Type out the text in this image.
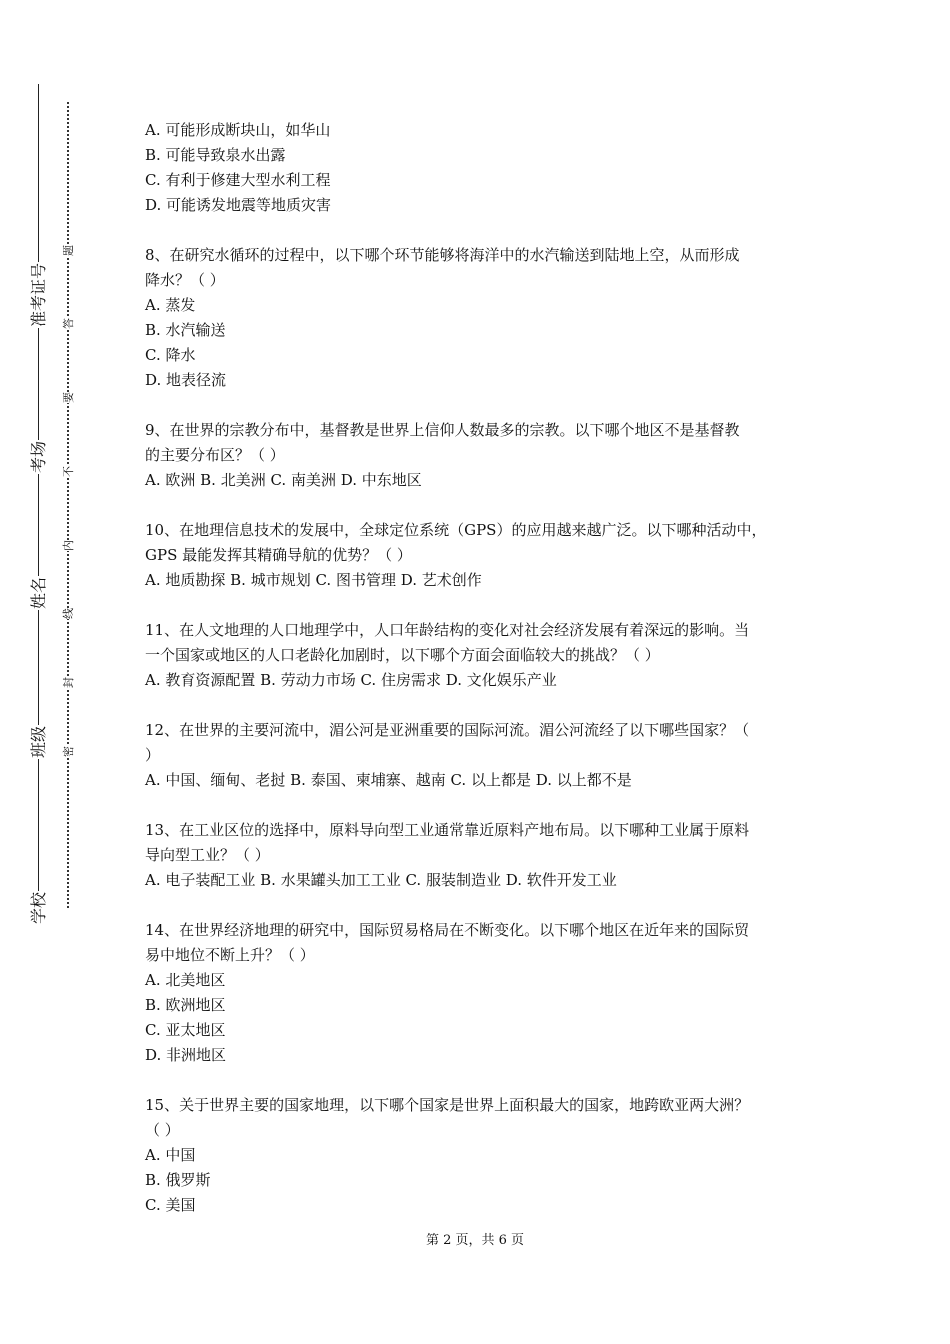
准考证号
考场
姓名
班级
学校
题
答
要
不
内
线
封
密
A. 可能形成断块山，如华山
B. 可能导致泉水出露
C. 有利于修建大型水利工程
D. 可能诱发地震等地质灾害
8、在研究水循环的过程中，以下哪个环节能够将海洋中的水汽输送到陆地上空，从而形成
降水？（ ）
A. 蒸发
B. 水汽输送
C. 降水
D. 地表径流
9、在世界的宗教分布中，基督教是世界上信仰人数最多的宗教。以下哪个地区不是基督教
的主要分布区？（ ）
A. 欧洲 B. 北美洲 C. 南美洲 D. 中东地区
10、在地理信息技术的发展中，全球定位系统（GPS）的应用越来越广泛。以下哪种活动中，
GPS 最能发挥其精确导航的优势？（ ）
A. 地质勘探 B. 城市规划 C. 图书管理 D. 艺术创作
11、在人文地理的人口地理学中，人口年龄结构的变化对社会经济发展有着深远的影响。当
一个国家或地区的人口老龄化加剧时，以下哪个方面会面临较大的挑战？（ ）
A. 教育资源配置 B. 劳动力市场 C. 住房需求 D. 文化娱乐产业
12、在世界的主要河流中，湄公河是亚洲重要的国际河流。湄公河流经了以下哪些国家？（
）
A. 中国、缅甸、老挝 B. 泰国、柬埔寨、越南 C. 以上都是 D. 以上都不是
13、在工业区位的选择中，原料导向型工业通常靠近原料产地布局。以下哪种工业属于原料
导向型工业？（ ）
A. 电子装配工业 B. 水果罐头加工工业 C. 服装制造业 D. 软件开发工业
14、在世界经济地理的研究中，国际贸易格局在不断变化。以下哪个地区在近年来的国际贸
易中地位不断上升？（ ）
A. 北美地区
B. 欧洲地区
C. 亚太地区
D. 非洲地区
15、关于世界主要的国家地理，以下哪个国家是世界上面积最大的国家，地跨欧亚两大洲？
（ ）
A. 中国
B. 俄罗斯
C. 美国
第 2 页，共 6 页
